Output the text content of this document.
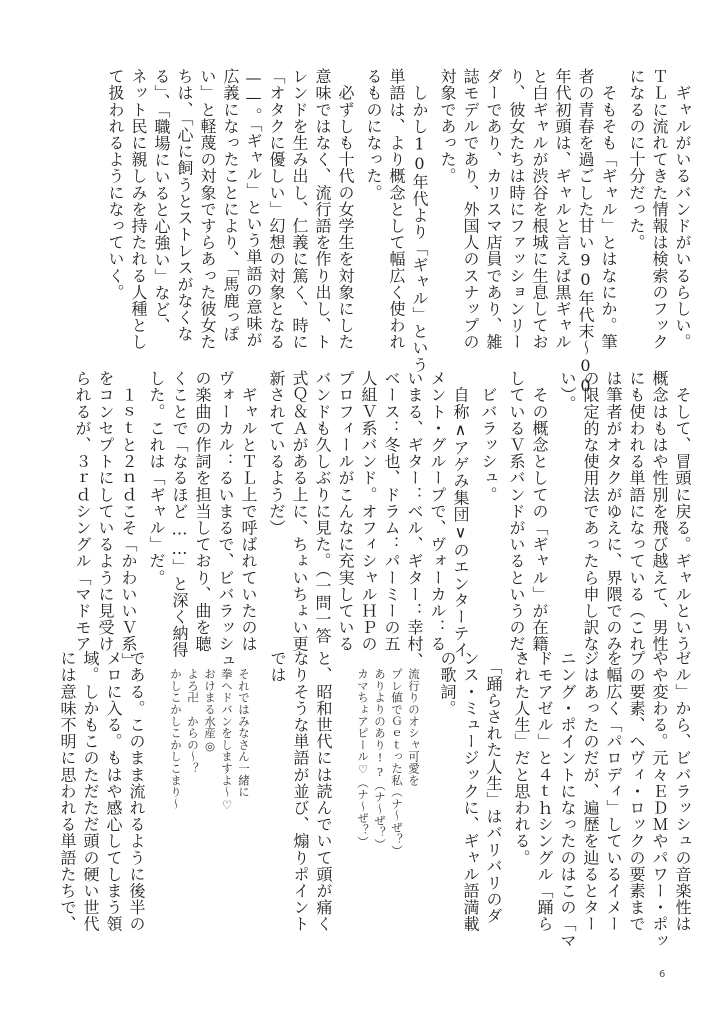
　ギャルがいるバンドがいるらしい。
ＴＬに流れてきた情報は検索のフック
になるのに十分だった。
　そもそも「ギャル」とはなにか。筆
者の青春を過ごした甘い90年代末〜00
年代初頭は、ギャルと言えば黒ギャル
と白ギャルが渋谷を根城に生息してお
り、彼女たちは時にファッションリー
ダーであり、カリスマ店員であり、雑
誌モデルであり、外国人のスナップの
対象であった。
　しかし10年代より「ギャル」という
単語は、より概念として幅広く使われ
るものになった。
　必ずしも十代の女学生を対象にした
意味ではなく、流行語を作り出し、ト
レンドを生み出し、仁義に篤く、時に
「オタクに優しい」幻想の対象となる
——。「ギャル」という単語の意味が
広義になったことにより、「馬鹿っぽ
い」と軽蔑の対象ですらあった彼女た
ちは、「心に飼うとストレスがなくな
る」、「職場にいると心強い」など、
ネット民に親しみを持たれる人種とし
て扱われるようになっていく。
　そして、冒頭に戻る。ギャルという
概念はもはや性別を飛び越えて、男性
にも使われる単語になっている（これ
は筆者がオタクがゆえに、界隈でのみ
の限定的な使用法であったら申し訳な
い）。
　その概念としての「ギャル」が在籍
しているＶ系バンドがいるというのだ。
　ビバラッシュ。
　自称∧アゲみ集団∨のエンターテイ
メント・グループで、ヴォーカル：る
いまる、ギター：ベル、ギター：幸村、
ベース：冬也、ドラム：パーミーの五
人組Ｖ系バンド。オフィシャルＨＰの
プロフィールがこんなに充実している
バンドも久しぶりに見た。（一問一答
式Ｑ＆Ａがある上に、ちょいちょい更
新されているようだ）
　ギャルとＴＬ上で呼ばれていたのは
ヴォーカル：るいまるで、ビバラッシュ
の楽曲の作詞を担当しており、曲を聴
くことで「なるほど……」と深く納得
した。これは「ギャル」だ。
　１ｓｔと２ｎｄこそ「かわいいＶ系」
をコンセプトにしているように見受け
られるが、３ｒｄシングル「マドモア
ゼル」から、ビバラッシュの音楽性は
やや変わる。元々ＥＤＭやパワー・ポッ
プの要素、ヘヴィ・ロックの要素まで
を幅広く「パロディ」しているイメー
ジはあったのだが、遍歴を辿るとター
ニング・ポイントになったのはこの「マ
ドモアゼル」と４ｔｈシングル「踊ら
された人生」だと思われる。
　「踊らされた人生」はバリバリのダ
ンス・ミュージックに、ギャル語満載
の歌詞。
流行りのオシャ可愛を
プレ値でＧｅｔった私（ナ〜ぜ？）
ありよりのあり!?（ナ〜ぜ？）
カマちょアピール♡（ナ〜ぜ？）
と、昭和世代には読んでいて頭が痛く
なりそうな単語が並び、煽りポイント
では
それではみなさん一緒に
拳ヘドバンをしますよ〜♡
おけまる水産◎
よろ卍　からの〜？
かしこかしこかしこまり〜
である。このまま流れるように後半の
メロに入る。もはや感心してしまう領
域。しかもこのただただ頭の硬い世代
には意味不明に思われる単語たちで、
6
